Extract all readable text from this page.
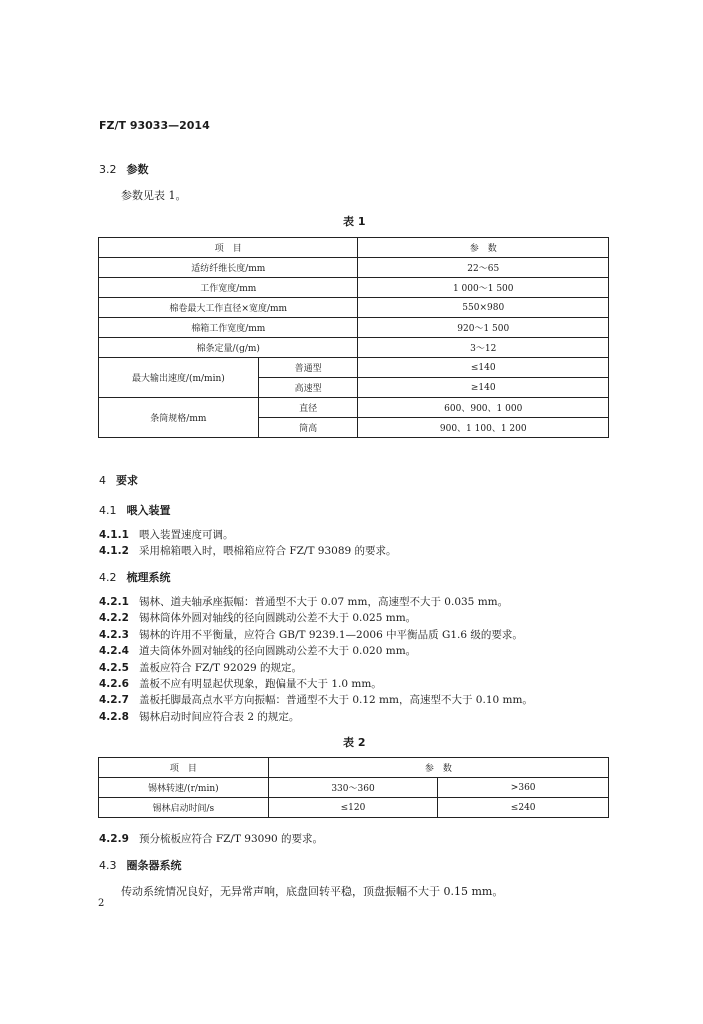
FZ/T 93033—2014
3.2 参数
参数见表 1。
表 1
项　目		参　数
适纺纤维长度/mm		22～65
工作宽度/mm		1 000～1 500
棉卷最大工作直径×宽度/mm		550×980
棉箱工作宽度/mm		920～1 500
棉条定量/(g/m)		3～12
最大输出速度/(m/min)	普通型	≤140
	高速型	≥140
条筒规格/mm	直径	600、900、1 000
	筒高	900、1 100、1 200
4 要求
4.1 喂入装置
4.1.1 喂入装置速度可调。
4.1.2 采用棉箱喂入时，喂棉箱应符合 FZ/T 93089 的要求。
4.2 梳理系统
4.2.1 锡林、道夫轴承座振幅：普通型不大于 0.07 mm，高速型不大于 0.035 mm。
4.2.2 锡林筒体外圆对轴线的径向圆跳动公差不大于 0.025 mm。
4.2.3 锡林的许用不平衡量，应符合 GB/T 9239.1—2006 中平衡品质 G1.6 级的要求。
4.2.4 道夫筒体外圆对轴线的径向圆跳动公差不大于 0.020 mm。
4.2.5 盖板应符合 FZ/T 92029 的规定。
4.2.6 盖板不应有明显起伏现象，跑偏量不大于 1.0 mm。
4.2.7 盖板托脚最高点水平方向振幅：普通型不大于 0.12 mm，高速型不大于 0.10 mm。
4.2.8 锡林启动时间应符合表 2 的规定。
表 2
项　目	参　数	
锡林转速/(r/min)	330～360	>360
锡林启动时间/s	≤120	≤240
4.2.9 预分梳板应符合 FZ/T 93090 的要求。
4.3 圈条器系统
传动系统情况良好，无异常声响，底盘回转平稳，顶盘振幅不大于 0.15 mm。
2
